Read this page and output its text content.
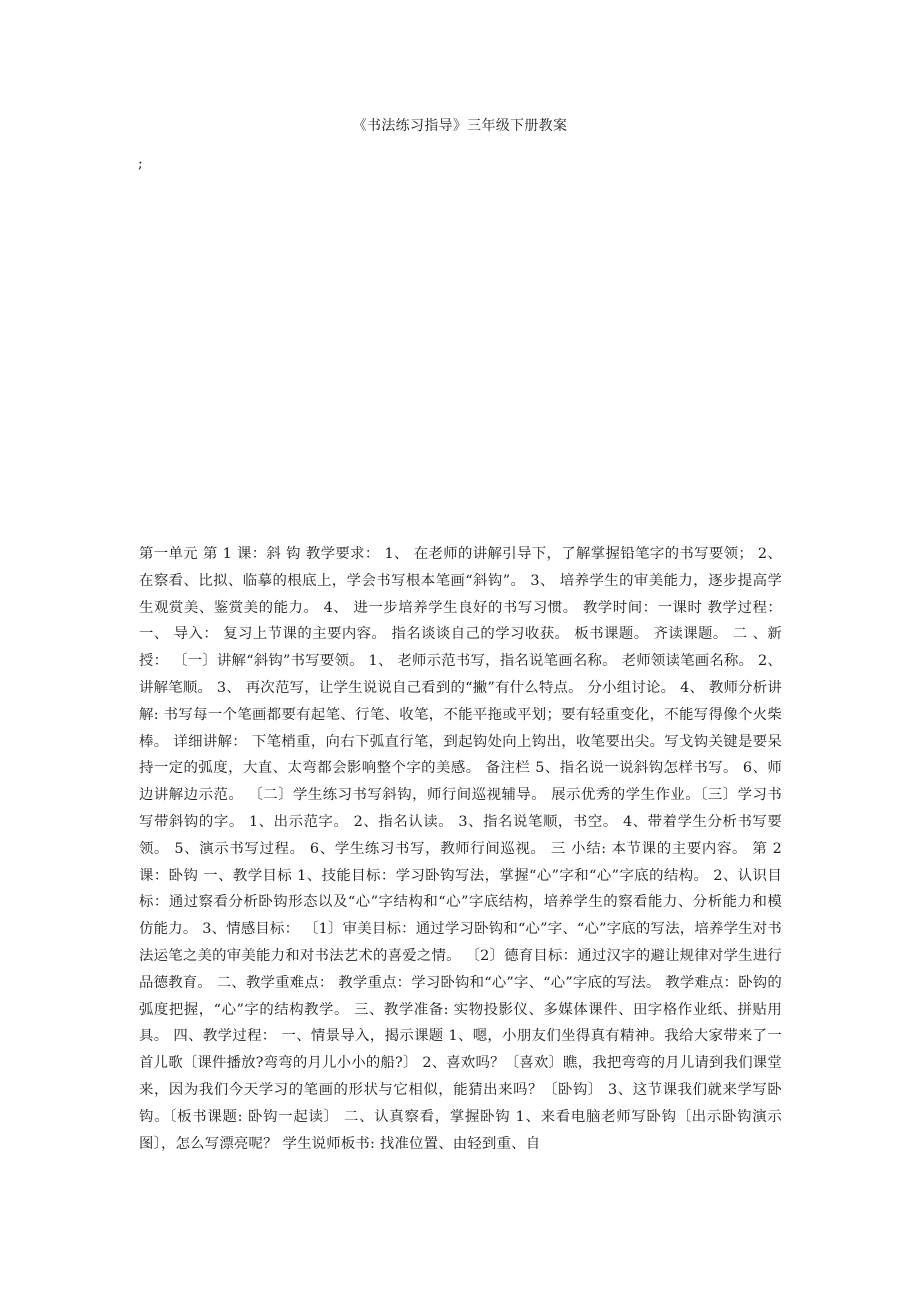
《书法练习指导》三年级下册教案
;

第一单元 第 1 课：斜 钩 教学要求： 1、 在老师的讲解引导下，了解掌握铅笔字的书写要领； 2、 在察看、比拟、临摹的根底上，学会书写根本笔画“斜钩”。 3、 培养学生的审美能力，逐步提高学生观赏美、鉴赏美的能力。 4、 进一步培养学生良好的书写习惯。 教学时间：一课时 教学过程： 一、 导入： 复习上节课的主要内容。 指名谈谈自己的学习收获。 板书课题。 齐读课题。 二 、新授： 〔一〕讲解“斜钩”书写要领。 1、 老师示范书写，指名说笔画名称。 老师领读笔画名称。 2、 讲解笔顺。 3、 再次范写，让学生说说自己看到的“撇”有什么特点。 分小组讨论。 4、 教师分析讲解: 书写每一个笔画都要有起笔、行笔、收笔，不能平拖或平划；要有轻重变化，不能写得像个火柴棒。 详细讲解： 下笔梢重，向右下弧直行笔，到起钩处向上钩出，收笔要出尖。写戈钩关键是要呆持一定的弧度，大直、太弯都会影响整个字的美感。 备注栏 5、指名说一说斜钩怎样书写。 6、师边讲解边示范。 〔二〕学生练习书写斜钩，师行间巡视辅导。 展示优秀的学生作业。〔三〕学习书写带斜钩的字。 1、出示范字。 2、指名认读。 3、指名说笔顺，书空。 4、带着学生分析书写要领。 5、演示书写过程。 6、学生练习书写，教师行间巡视。 三 小结: 本节课的主要内容。 第 2 课：卧钩 一、教学目标 1、技能目标：学习卧钩写法，掌握“心”字和“心”字底的结构。 2、认识目标：通过察看分析卧钩形态以及“心”字结构和“心”字底结构，培养学生的察看能力、分析能力和模仿能力。 3、情感目标： 〔1〕审美目标：通过学习卧钩和“心”字、“心”字底的写法，培养学生对书法运笔之美的审美能力和对书法艺术的喜爱之情。 〔2〕德育目标：通过汉字的避让规律对学生进行品德教育。 二、教学重难点： 教学重点：学习卧钩和“心”字、“心”字底的写法。 教学难点：卧钩的弧度把握，“心”字的结构教学。 三、教学准备: 实物投影仪、多媒体课件、田字格作业纸、拼贴用具。 四、教学过程： 一、情景导入，揭示课题 1、嗯，小朋友们坐得真有精神。我给大家带来了一首儿歌〔课件播放?弯弯的月儿小小的船?〕 2、喜欢吗？〔喜欢〕瞧，我把弯弯的月儿请到我们课堂来，因为我们今天学习的笔画的形状与它相似，能猜出来吗？〔卧钩〕 3、这节课我们就来学写卧钩。〔板书课题: 卧钩一起读〕 二、认真察看，掌握卧钩 1、来看电脑老师写卧钩〔出示卧钩演示图〕，怎么写漂亮呢？ 学生说师板书: 找准位置、由轻到重、自
